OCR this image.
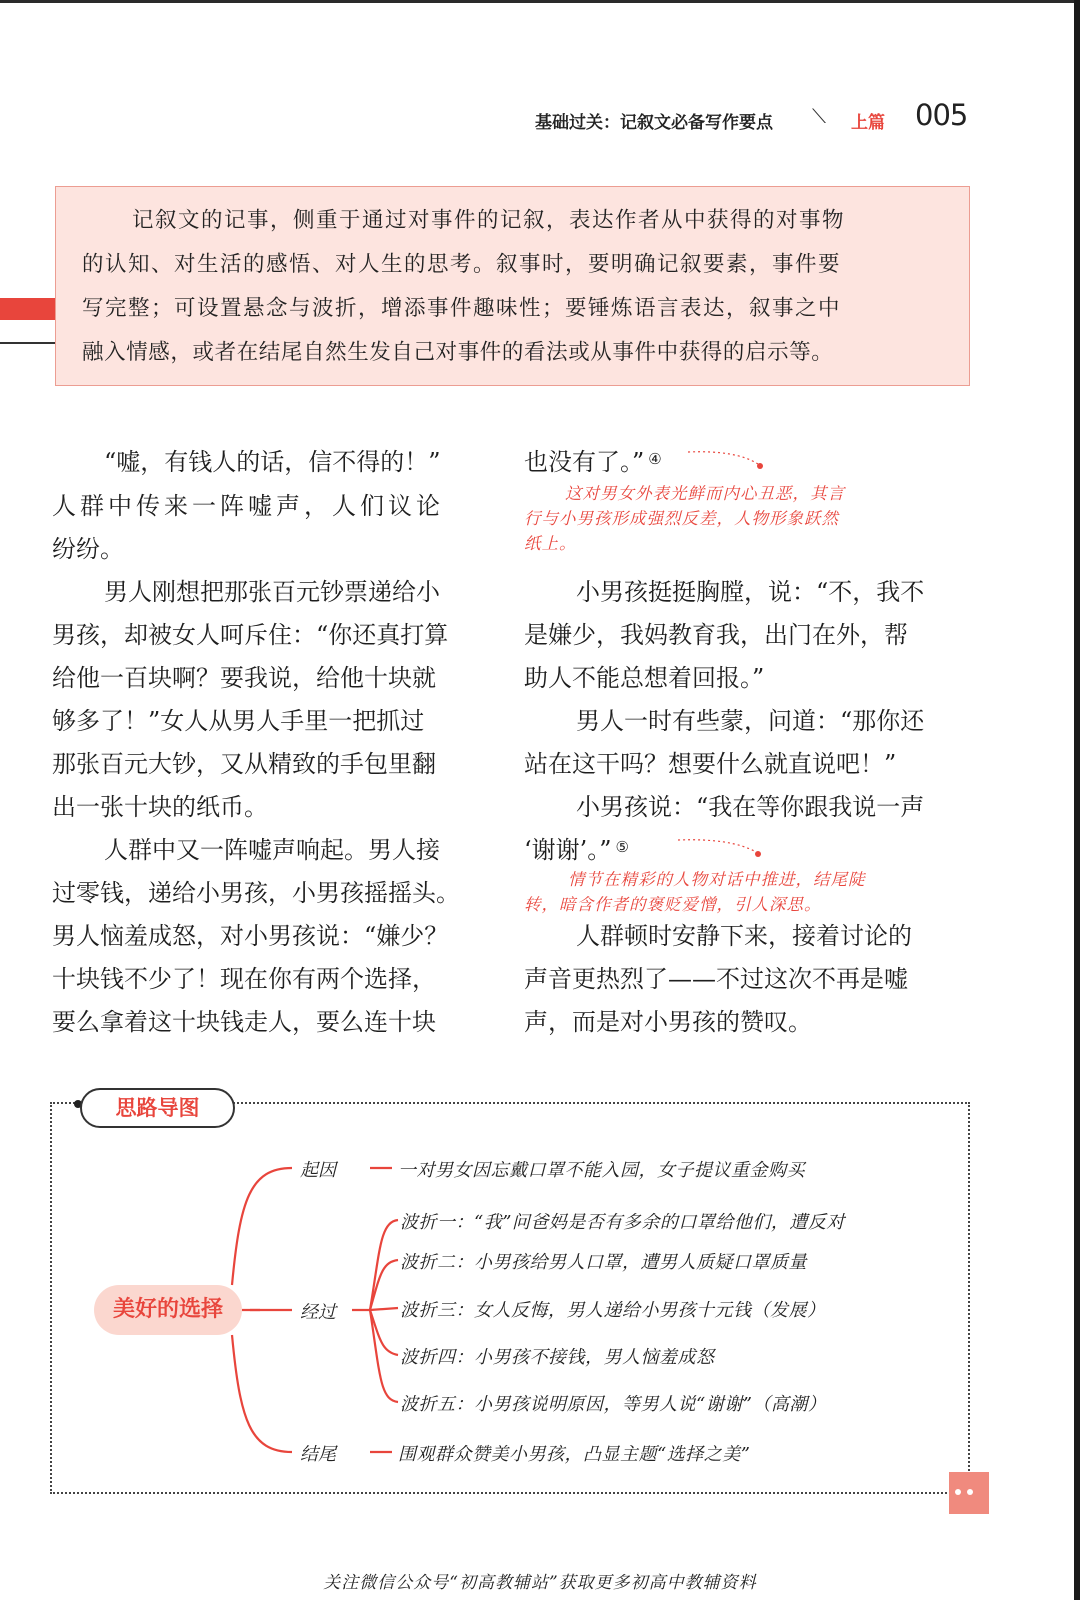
基础过关：记叙文必备写作要点 ⟍ 上篇 005
记叙文的记事，侧重于通过对事件的记叙，表达作者从中获得的对事物
的认知、对生活的感悟、对人生的思考。叙事时，要明确记叙要素，事件要
写完整；可设置悬念与波折，增添事件趣味性；要锤炼语言表达，叙事之中
融入情感，或者在结尾自然生发自己对事件的看法或从事件中获得的启示等。
“嘘，有钱人的话，信不得的！”
人群中传来一阵嘘声，人们议论
纷纷。
男人刚想把那张百元钞票递给小
男孩，却被女人呵斥住：“你还真打算
给他一百块啊？要我说，给他十块就
够多了！”女人从男人手里一把抓过
那张百元大钞，又从精致的手包里翻
出一张十块的纸币。
人群中又一阵嘘声响起。男人接
过零钱，递给小男孩，小男孩摇摇头。
男人恼羞成怒，对小男孩说：“嫌少？
十块钱不少了！现在你有两个选择，
要么拿着这十块钱走人，要么连十块
也没有了。” ④
这对男女外表光鲜而内心丑恶，其言
行与小男孩形成强烈反差，人物形象跃然
纸上。
小男孩挺挺胸膛，说：“不，我不
是嫌少，我妈教育我，出门在外，帮
助人不能总想着回报。”
男人一时有些蒙，问道：“那你还
站在这干吗？想要什么就直说吧！”
小男孩说：“我在等你跟我说一声
‘谢谢’。” ⑤
情节在精彩的人物对话中推进，结尾陡
转，暗含作者的褒贬爱憎，引人深思。
人群顿时安静下来，接着讨论的
声音更热烈了——不过这次不再是嘘
声，而是对小男孩的赞叹。
思路导图
美好的选择
起因	一对男女因忘戴口罩不能入园，女子提议重金购买
经过
波折一：“我”问爸妈是否有多余的口罩给他们，遭反对
波折二：小男孩给男人口罩，遭男人质疑口罩质量
波折三：女人反悔，男人递给小男孩十元钱（发展）
波折四：小男孩不接钱，男人恼羞成怒
波折五：小男孩说明原因，等男人说“谢谢”（高潮）
结尾	围观群众赞美小男孩，凸显主题“选择之美”
关注微信公众号“初高教辅站”获取更多初高中教辅资料
